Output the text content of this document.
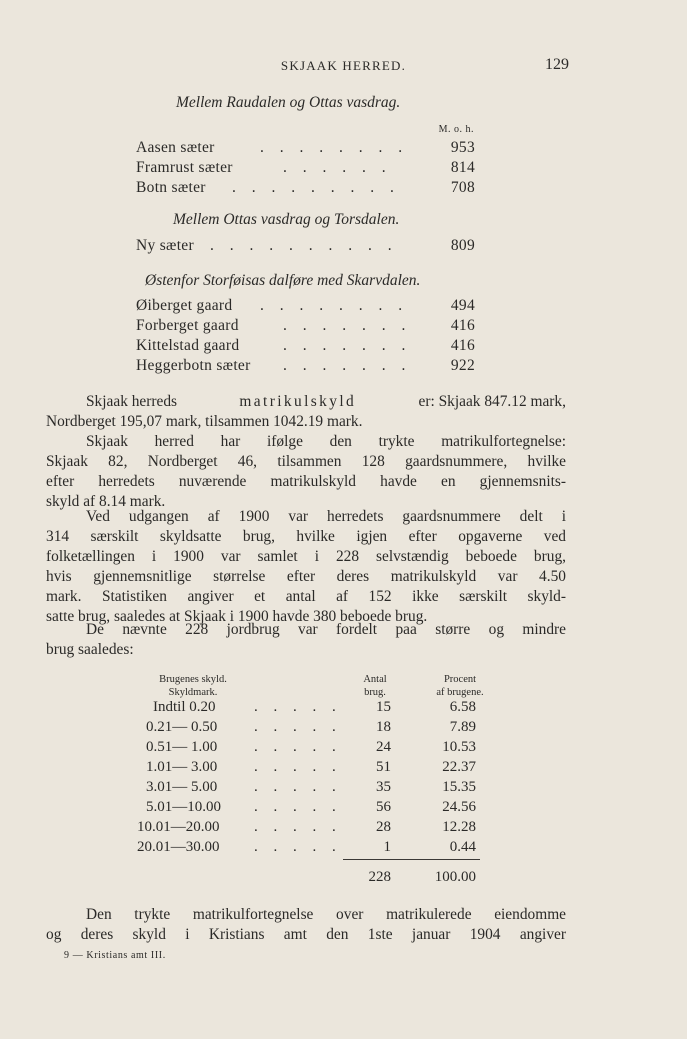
SKJAAK HERRED.	129
Mellem Raudalen og Ottas vasdrag.
M. o. h.
Aasen sæter	. . . . . . . .	953
Framrust sæter	. . . . . .	814
Botn sæter . . . . . . . . .	708
Mellem Ottas vasdrag og Torsdalen.
Ny sæter . . . . . . . . . .	809
Østenfor Storføisas dalføre med Skarvdalen.
Øiberget gaard . . . . . . . .	494
Forberget gaard	. . . . . . .	416
Kittelstad gaard	. . . . . . .	416
Heggerbotn sæter . . . . . . .	922
Skjaak herreds	matrikulskyld	er: Skjaak 847.12 mark,
Nordberget 195,07 mark, tilsammen 1042.19 mark.
Skjaak herred har ifølge den trykte matrikulfortegnelse:
Skjaak 82, Nordberget 46, tilsammen 128 gaardsnummere, hvilke
efter herredets nuværende matrikulskyld havde en gjennemsnits-
skyld af 8.14 mark.
Ved udgangen af 1900 var herredets gaardsnummere delt i
314 særskilt skyldsatte brug, hvilke igjen efter opgaverne ved
folketællingen i 1900 var samlet i 228 selvstændig beboede brug,
hvis gjennemsnitlige størrelse efter deres matrikulskyld var 4.50
mark. Statistiken angiver et antal af 152 ikke særskilt skyld-
satte brug, saaledes at Skjaak i 1900 havde 380 beboede brug.
De nævnte 228 jordbrug var fordelt paa større og mindre
brug saaledes:
Brugenes skyld.
Skyldmark.
Antal
brug.
Procent
af brugene.
Indtil 0.20	. . . . .	15	6.58
0.21— 0.50 . . . . .	18	7.89
0.51— 1.00 . . . . .	24	10.53
1.01— 3.00 . . . . .	51	22.37
3.01— 5.00 . . . . .	35	15.35
5.01—10.00 . . . . .	56	24.56
10.01—20.00 . . . . .	28	12.28
20.01—30.00 . . . . .	1	0.44
228	100.00
Den trykte matrikulfortegnelse over matrikulerede eiendomme
og deres skyld i Kristians amt den 1ste januar 1904 angiver
9 — Kristians amt III.
